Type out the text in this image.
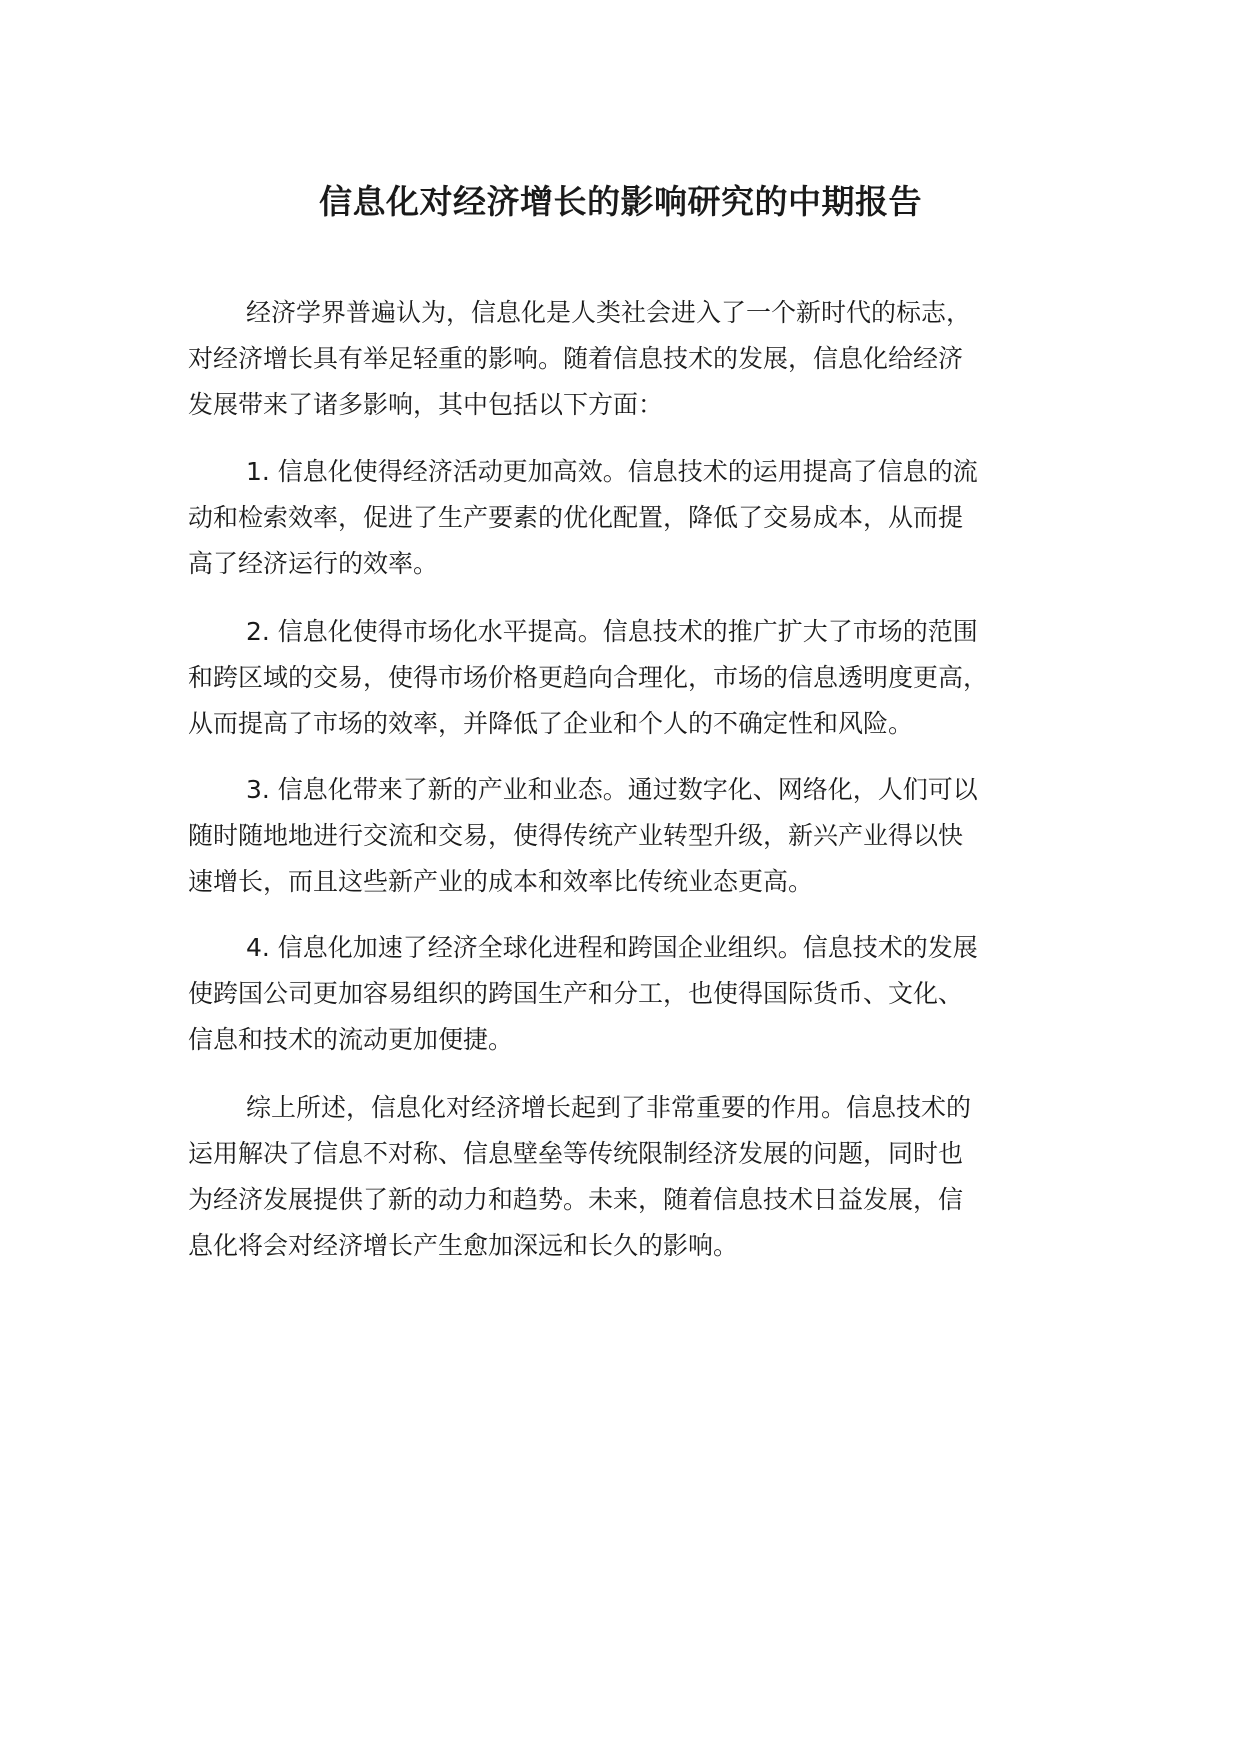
信息化对经济增长的影响研究的中期报告
经济学界普遍认为，信息化是人类社会进入了一个新时代的标志，
对经济增长具有举足轻重的影响。随着信息技术的发展，信息化给经济
发展带来了诸多影响，其中包括以下方面：
1. 信息化使得经济活动更加高效。信息技术的运用提高了信息的流
动和检索效率，促进了生产要素的优化配置，降低了交易成本，从而提
高了经济运行的效率。
2. 信息化使得市场化水平提高。信息技术的推广扩大了市场的范围
和跨区域的交易，使得市场价格更趋向合理化，市场的信息透明度更高，
从而提高了市场的效率，并降低了企业和个人的不确定性和风险。
3. 信息化带来了新的产业和业态。通过数字化、网络化，人们可以
随时随地地进行交流和交易，使得传统产业转型升级，新兴产业得以快
速增长，而且这些新产业的成本和效率比传统业态更高。
4. 信息化加速了经济全球化进程和跨国企业组织。信息技术的发展
使跨国公司更加容易组织的跨国生产和分工，也使得国际货币、文化、
信息和技术的流动更加便捷。
综上所述，信息化对经济增长起到了非常重要的作用。信息技术的
运用解决了信息不对称、信息壁垒等传统限制经济发展的问题，同时也
为经济发展提供了新的动力和趋势。未来，随着信息技术日益发展，信
息化将会对经济增长产生愈加深远和长久的影响。
